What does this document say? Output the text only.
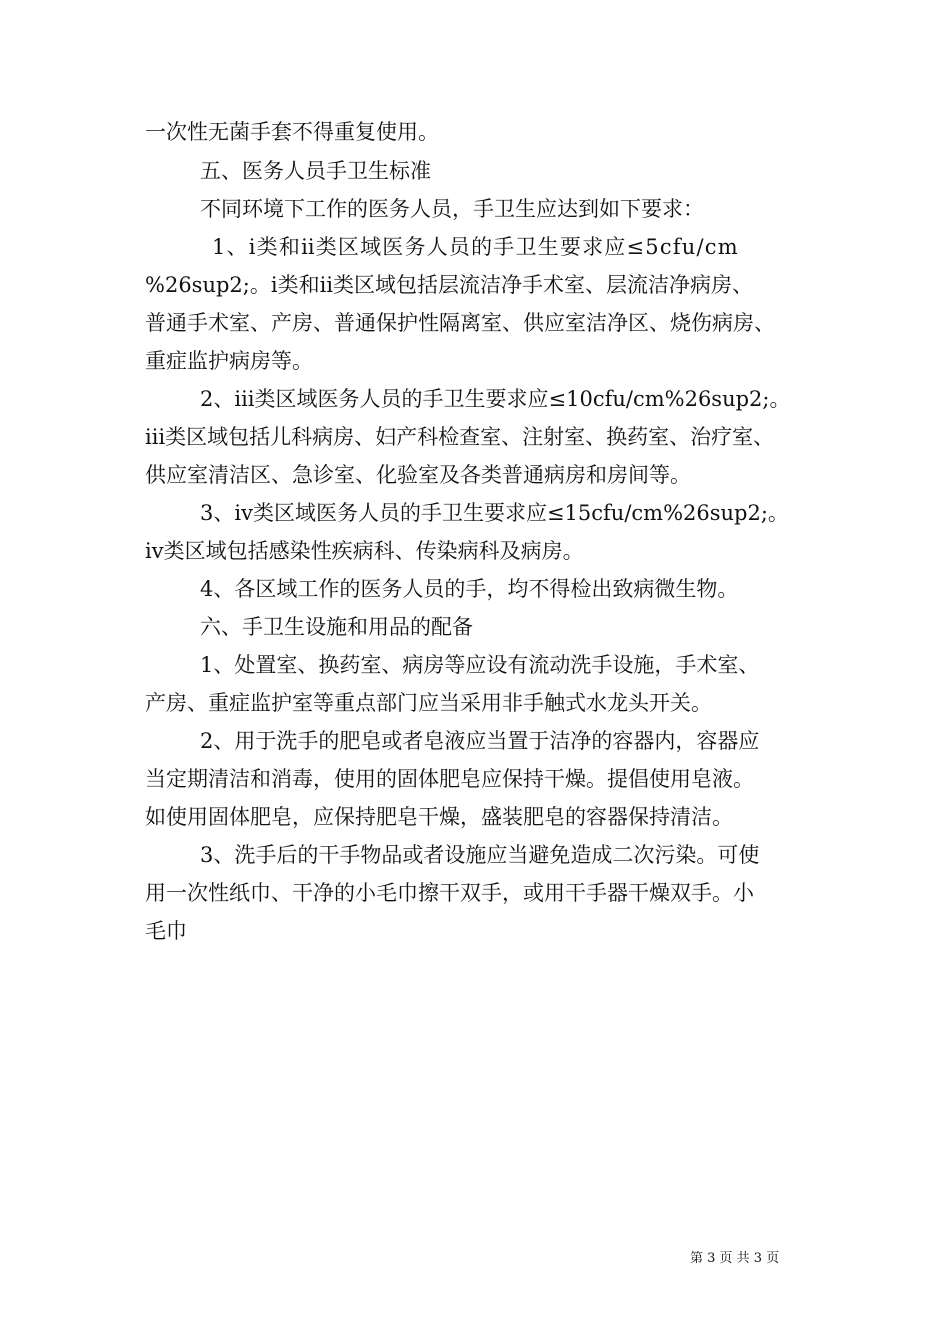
一次性无菌手套不得重复使用。
五、医务人员手卫生标准
不同环境下工作的医务人员，手卫生应达到如下要求：
1、ⅰ类和ⅱ类区域医务人员的手卫生要求应≤5cfu/cm
%26sup2;。ⅰ类和ⅱ类区域包括层流洁净手术室、层流洁净病房、
普通手术室、产房、普通保护性隔离室、供应室洁净区、烧伤病房、
重症监护病房等。
2、ⅲ类区域医务人员的手卫生要求应≤10cfu/cm%26sup2;。
ⅲ类区域包括儿科病房、妇产科检查室、注射室、换药室、治疗室、
供应室清洁区、急诊室、化验室及各类普通病房和房间等。
3、ⅳ类区域医务人员的手卫生要求应≤15cfu/cm%26sup2;。
ⅳ类区域包括感染性疾病科、传染病科及病房。
4、各区域工作的医务人员的手，均不得检出致病微生物。
六、手卫生设施和用品的配备
1、处置室、换药室、病房等应设有流动洗手设施，手术室、
产房、重症监护室等重点部门应当采用非手触式水龙头开关。
2、用于洗手的肥皂或者皂液应当置于洁净的容器内，容器应
当定期清洁和消毒，使用的固体肥皂应保持干燥。提倡使用皂液。
如使用固体肥皂，应保持肥皂干燥，盛装肥皂的容器保持清洁。
3、洗手后的干手物品或者设施应当避免造成二次污染。可使
用一次性纸巾、干净的小毛巾擦干双手，或用干手器干燥双手。小
毛巾
第 3 页 共 3 页
